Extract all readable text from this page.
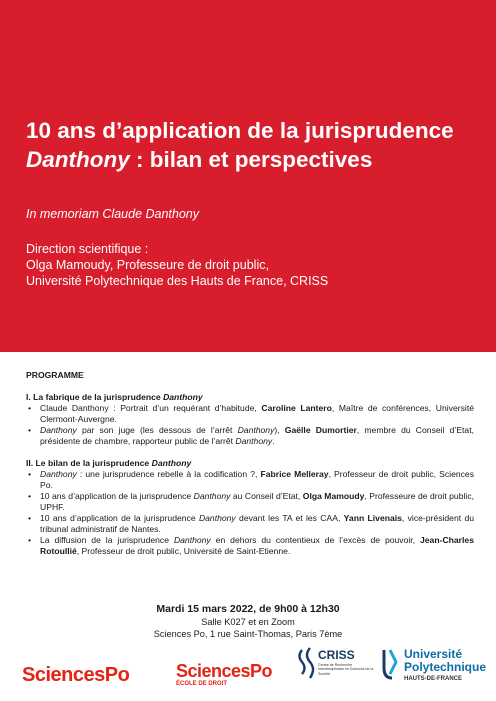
10 ans d’application de la jurisprudence Danthony : bilan et perspectives
In memoriam Claude Danthony
Direction scientifique :
Olga Mamoudy, Professeure de droit public,
Université Polytechnique des Hauts de France, CRISS
PROGRAMME
I. La fabrique de la jurisprudence Danthony
• Claude Danthony : Portrait d’un requérant d’habitude, Caroline Lantero, Maître de conférences, Université Clermont-Auvergne.
• Danthony par son juge (les dessous de l’arrêt Danthony), Gaëlle Dumortier, membre du Conseil d’Etat, présidente de chambre, rapporteur public de l’arrêt Danthony.
II. Le bilan de la jurisprudence Danthony
• Danthony : une jurisprudence rebelle à la codification ?, Fabrice Melleray, Professeur de droit public, Sciences Po.
• 10 ans d’application de la jurisprudence Danthony au Conseil d’Etat, Olga Mamoudy, Professeure de droit public, UPHF.
• 10 ans d’application de la jurisprudence Danthony devant les TA et les CAA, Yann Livenais, vice-président du tribunal administratif de Nantes.
• La diffusion de la jurisprudence Danthony en dehors du contentieux de l’excès de pouvoir, Jean-Charles Rotoullié, Professeur de droit public, Université de Saint-Etienne.
Mardi 15 mars 2022, de 9h00 à 12h30
Salle K027 et en Zoom
Sciences Po, 1 rue Saint-Thomas, Paris 7ème
SciencesPo	SciencesPo
ÉCOLE DE DROIT
CRISS
Centre de Recherche Interdisciplinaire en Sciences de la Société
Université
Polytechnique
HAUTS-DE-FRANCE
